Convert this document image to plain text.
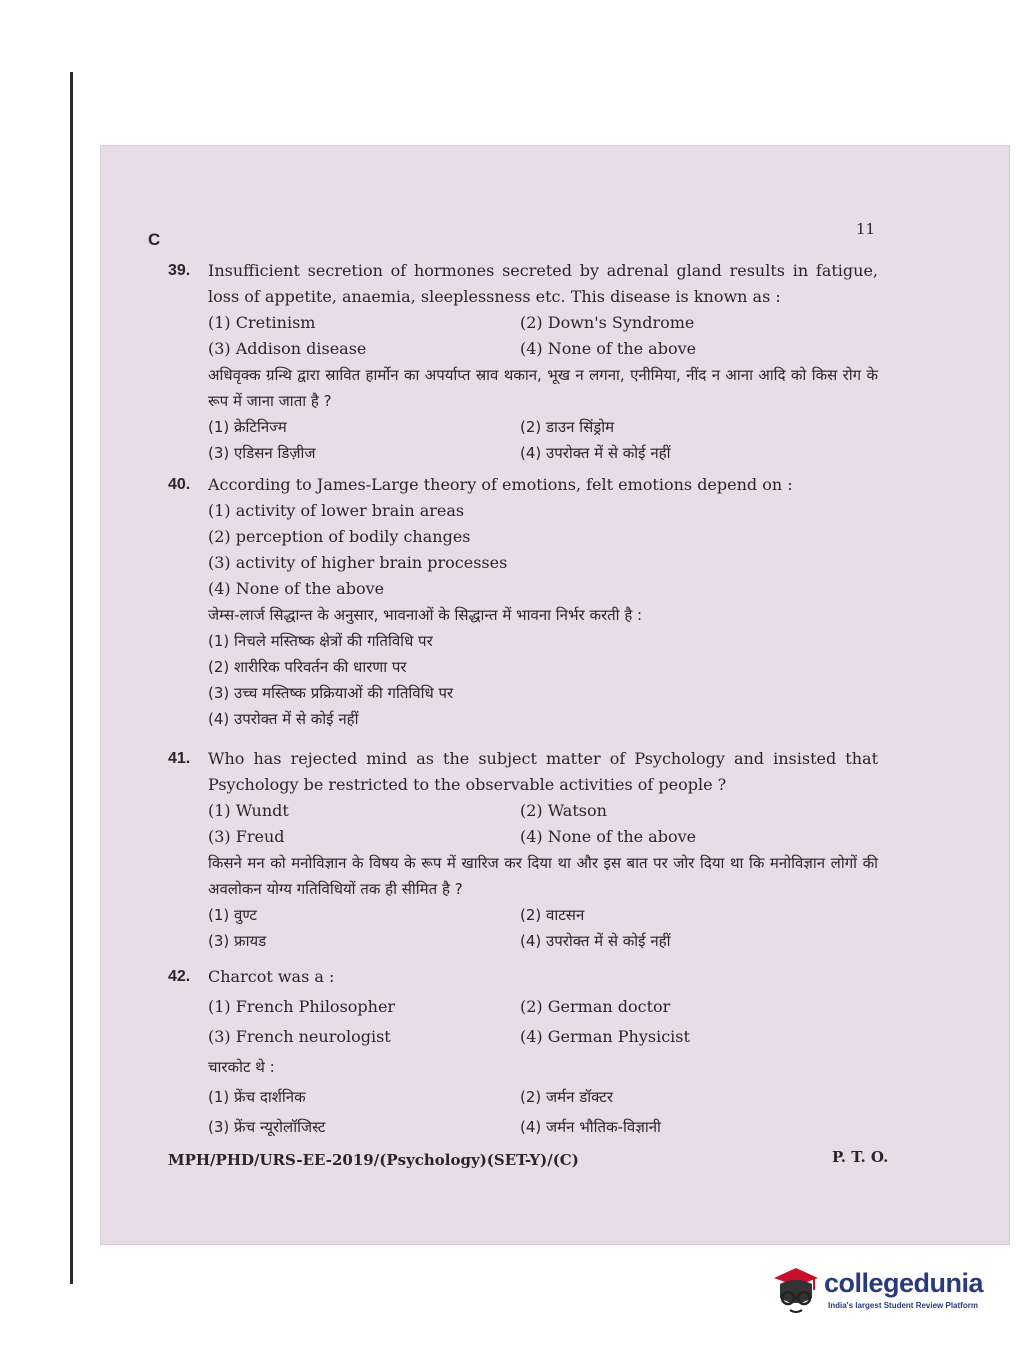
C
11
39. Insufficient secretion of hormones secreted by adrenal gland results in fatigue, loss of appetite, anaemia, sleeplessness etc. This disease is known as :
(1) Cretinism	(2) Down's Syndrome
(3) Addison disease	(4) None of the above
अधिवृक्क ग्रन्थि द्वारा स्रावित हार्मोन का अपर्याप्त स्राव थकान, भूख न लगना, एनीमिया, नींद न आना आदि को किस रोग के रूप में जाना जाता है ?
(1) क्रेटिनिज्म	(2) डाउन सिंड्रोम
(3) एडिसन डिज़ीज	(4) उपरोक्त में से कोई नहीं
40. According to James-Large theory of emotions, felt emotions depend on :
(1) activity of lower brain areas
(2) perception of bodily changes
(3) activity of higher brain processes
(4) None of the above
जेम्स-लार्ज सिद्धान्त के अनुसार, भावनाओं के सिद्धान्त में भावना निर्भर करती है :
(1) निचले मस्तिष्क क्षेत्रों की गतिविधि पर
(2) शारीरिक परिवर्तन की धारणा पर
(3) उच्च मस्तिष्क प्रक्रियाओं की गतिविधि पर
(4) उपरोक्त में से कोई नहीं
41. Who has rejected mind as the subject matter of Psychology and insisted that Psychology be restricted to the observable activities of people ?
(1) Wundt	(2) Watson
(3) Freud	(4) None of the above
किसने मन को मनोविज्ञान के विषय के रूप में खारिज कर दिया था और इस बात पर जोर दिया था कि मनोविज्ञान लोगों की अवलोकन योग्य गतिविधियों तक ही सीमित है ?
(1) वुण्ट	(2) वाटसन
(3) फ्रायड	(4) उपरोक्त में से कोई नहीं
42. Charcot was a :
(1) French Philosopher	(2) German doctor
(3) French neurologist	(4) German Physicist
चारकोट थे :
(1) फ्रेंच दार्शनिक	(2) जर्मन डॉक्टर
(3) फ्रेंच न्यूरोलॉजिस्ट	(4) जर्मन भौतिक-विज्ञानी
MPH/PHD/URS-EE-2019/(Psychology)(SET-Y)/(C)	P. T. O.
collegedunia
India's largest Student Review Platform
